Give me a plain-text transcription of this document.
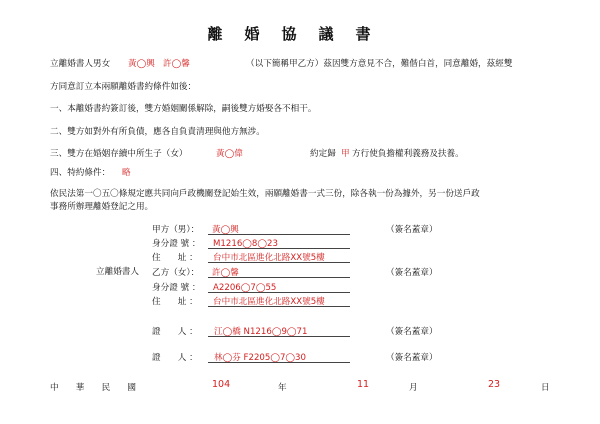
離婚協議書
立離婚書人男女 黃◯興 許◯馨	（以下簡稱甲乙方）茲因雙方意見不合，難偕白首，同意離婚，茲經雙
方同意訂立本兩願離婚書約條件如後：
一、本離婚書約簽訂後，雙方婚姻關係解除，嗣後雙方婚娶各不相干。
二、雙方如對外有所負債，應各自負責清理與他方無涉。
三、雙方在婚姻存續中所生子（女）	黃◯偉	約定歸 甲 方行使負擔權利義務及扶養。
四、特約條件： 略
依民法第一〇五〇條規定應共同向戶政機關登記始生效，兩願離婚書一式三份，除各執一份為據外，另一份送戶政
事務所辦理離婚登記之用。
立離婚書人
甲方（男）： 黃◯興	（簽名蓋章）
身分證 號 ： M1216◯8◯23
住　　址 ： 台中市北區進化北路XX號5樓
乙方（女）： 許◯馨	（簽名蓋章）
身分證 號 ： A2206◯7◯55
住　　址 ： 台中市北區進化北路XX號5樓
證　　人 ： 江◯橋 N1216◯9◯71	（簽名蓋章）
證　　人 ： 林◯芬 F2205◯7◯30	（簽名蓋章）
中　　華　　民　　國	104	年	11	月	23	日
